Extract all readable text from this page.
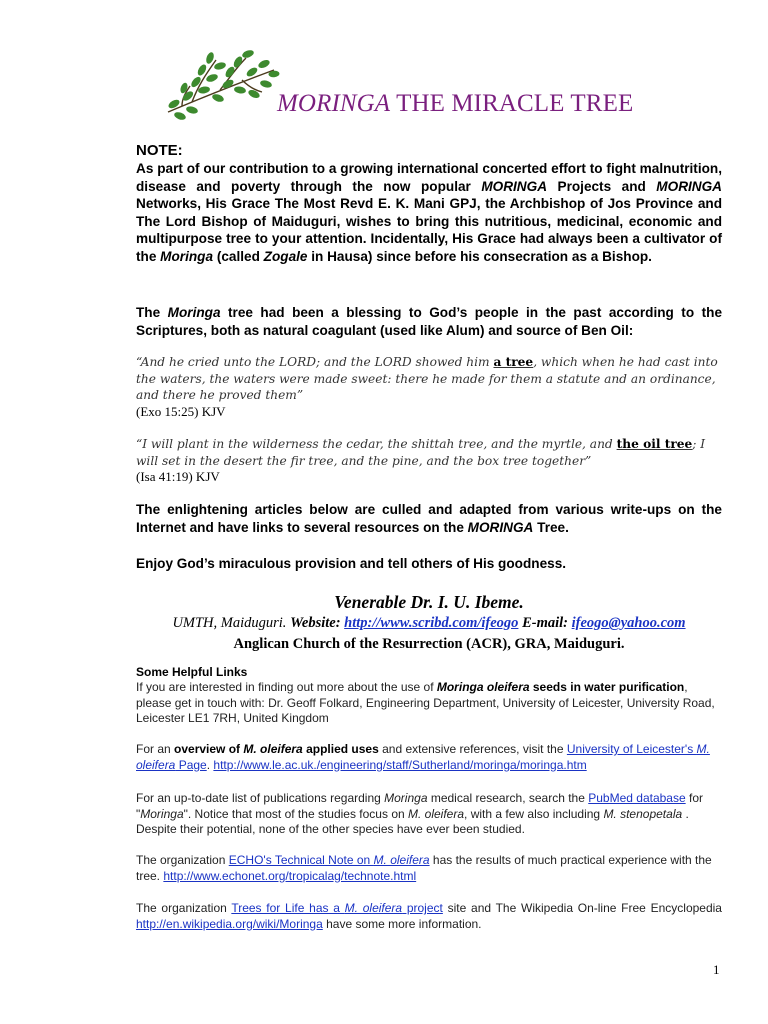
MORINGA THE MIRACLE TREE
NOTE:
As part of our contribution to a growing international concerted effort to fight malnutrition, disease and poverty through the now popular MORINGA Projects and MORINGA Networks, His Grace The Most Revd E. K. Mani GPJ, the Archbishop of Jos Province and The Lord Bishop of Maiduguri, wishes to bring this nutritious, medicinal, economic and multipurpose tree to your attention. Incidentally, His Grace had always been a cultivator of the Moringa (called Zogale in Hausa) since before his consecration as a Bishop.
The Moringa tree had been a blessing to God’s people in the past according to the Scriptures, both as natural coagulant (used like Alum) and source of Ben Oil:
“And he cried unto the LORD; and the LORD showed him a tree, which when he had cast into the waters, the waters were made sweet: there he made for them a statute and an ordinance, and there he proved them”
(Exo 15:25) KJV
“I will plant in the wilderness the cedar, the shittah tree, and the myrtle, and the oil tree; I will set in the desert the fir tree, and the pine, and the box tree together”
(Isa 41:19) KJV
The enlightening articles below are culled and adapted from various write-ups on the Internet and have links to several resources on the MORINGA Tree.
Enjoy God’s miraculous provision and tell others of His goodness.
Venerable Dr. I. U. Ibeme.
UMTH, Maiduguri. Website: http://www.scribd.com/ifeogo E-mail: ifeogo@yahoo.com
Anglican Church of the Resurrection (ACR), GRA, Maiduguri.
Some Helpful Links
If you are interested in finding out more about the use of Moringa oleifera seeds in water purification, please get in touch with: Dr. Geoff Folkard, Engineering Department, University of Leicester, University Road, Leicester LE1 7RH, United Kingdom
For an overview of M. oleifera applied uses and extensive references, visit the University of Leicester's M. oleifera Page. http://www.le.ac.uk./engineering/staff/Sutherland/moringa/moringa.htm
For an up-to-date list of publications regarding Moringa medical research, search the PubMed database for "Moringa". Notice that most of the studies focus on M. oleifera, with a few also including M. stenopetala . Despite their potential, none of the other species have ever been studied.
The organization ECHO's Technical Note on M. oleifera has the results of much practical experience with the tree. http://www.echonet.org/tropicalag/technote.html
The organization Trees for Life has a M. oleifera project site and The Wikipedia On-line Free Encyclopedia http://en.wikipedia.org/wiki/Moringa have some more information.
1
